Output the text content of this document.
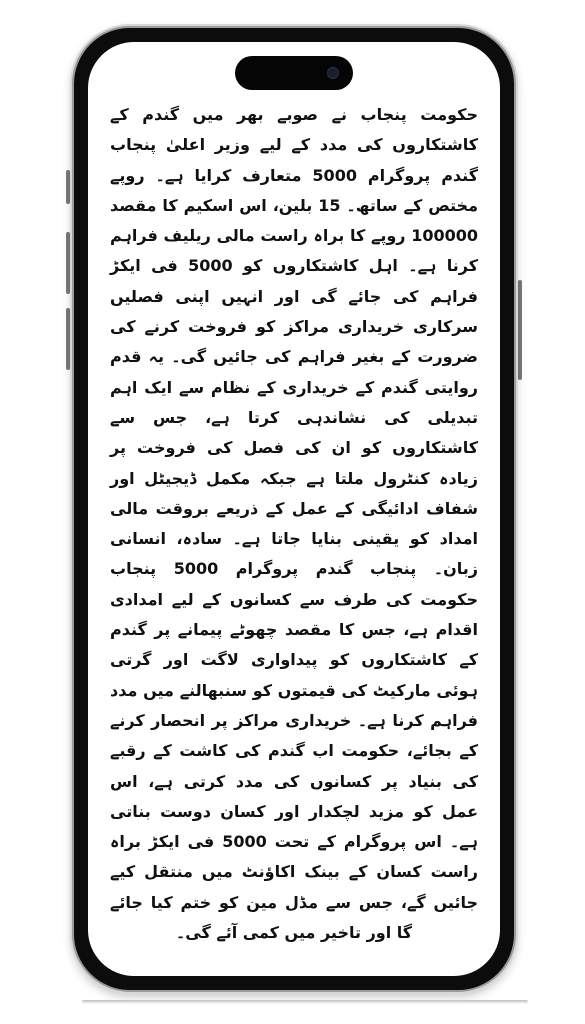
حکومت پنجاب نے صوبے بھر میں گندم کے کاشتکاروں کی مدد کے لیے وزیر اعلیٰ پنجاب گندم پروگرام 5000 متعارف کرایا ہے۔ روپے مختص کے ساتھ۔ 15 بلین، اس اسکیم کا مقصد 100000 روپے کا براہ راست مالی ریلیف فراہم کرنا ہے۔ اہل کاشتکاروں کو 5000 فی ایکڑ فراہم کی جائے گی اور انہیں اپنی فصلیں سرکاری خریداری مراکز کو فروخت کرنے کی ضرورت کے بغیر فراہم کی جائیں گی۔ یہ قدم روایتی گندم کے خریداری کے نظام سے ایک اہم تبدیلی کی نشاندہی کرتا ہے، جس سے کاشتکاروں کو ان کی فصل کی فروخت پر زیادہ کنٹرول ملتا ہے جبکہ مکمل ڈیجیٹل اور شفاف ادائیگی کے عمل کے ذریعے بروقت مالی امداد کو یقینی بنایا جاتا ہے۔ سادہ، انسانی زبان۔ پنجاب گندم پروگرام 5000 پنجاب حکومت کی طرف سے کسانوں کے لیے امدادی اقدام ہے، جس کا مقصد چھوٹے پیمانے پر گندم کے کاشتکاروں کو پیداواری لاگت اور گرتی ہوئی مارکیٹ کی قیمتوں کو سنبھالنے میں مدد فراہم کرنا ہے۔ خریداری مراکز پر انحصار کرنے کے بجائے، حکومت اب گندم کی کاشت کے رقبے کی بنیاد پر کسانوں کی مدد کرتی ہے، اس عمل کو مزید لچکدار اور کسان دوست بناتی ہے۔ اس پروگرام کے تحت 5000 فی ایکڑ براہ راست کسان کے بینک اکاؤنٹ میں منتقل کیے جائیں گے، جس سے مڈل مین کو ختم کیا جائے گا اور تاخیر میں کمی آئے گی۔
